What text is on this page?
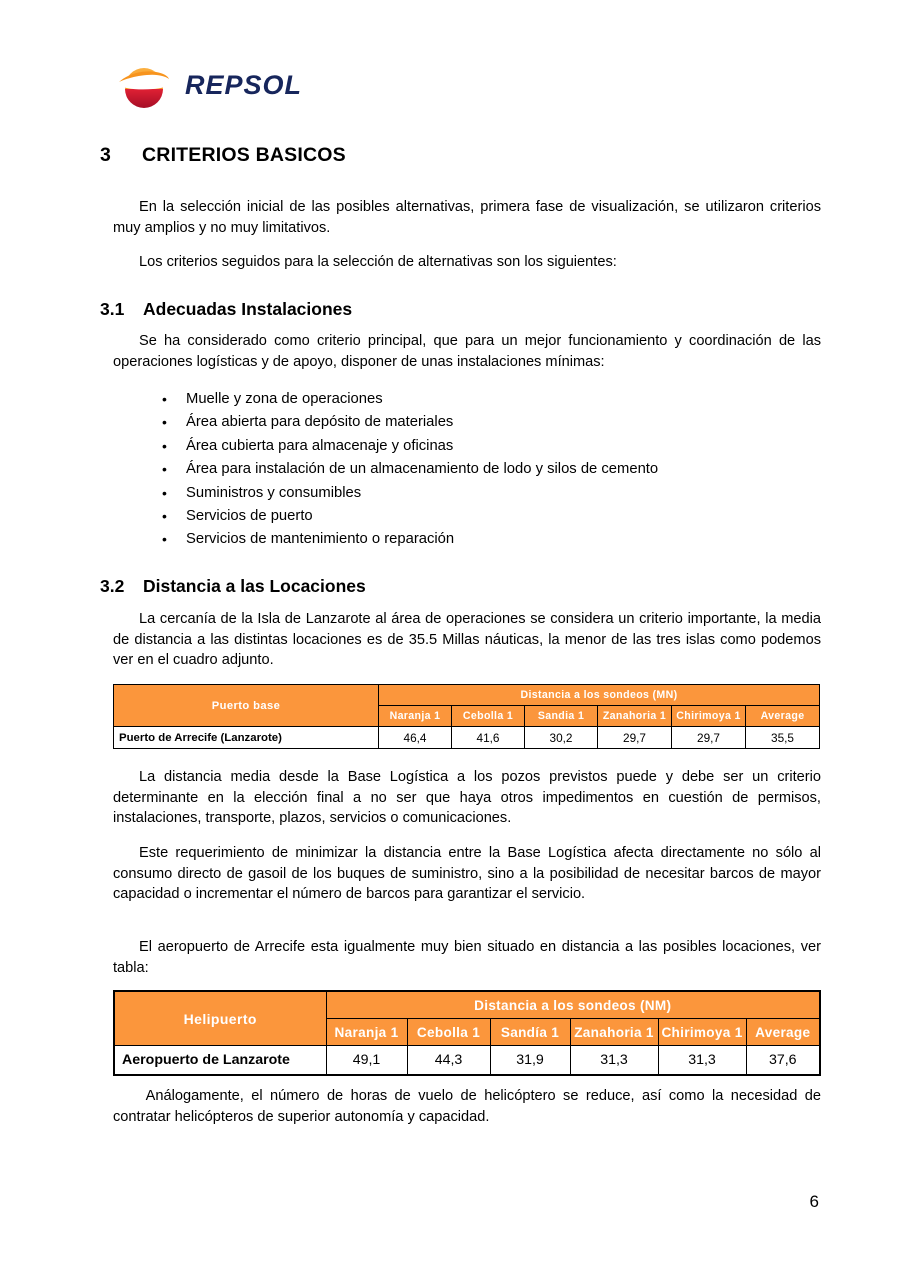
REPSOL
3 CRITERIOS BASICOS

En la selección inicial de las posibles alternativas, primera fase de visualización, se utilizaron criterios muy amplios y no muy limitativos.

Los criterios seguidos para la selección de alternativas son los siguientes:

3.1 Adecuadas Instalaciones

Se ha considerado como criterio principal, que para un mejor funcionamiento y coordinación de las operaciones logísticas y de apoyo, disponer de unas instalaciones mínimas:

• Muelle y zona de operaciones
• Área abierta para depósito de materiales
• Área cubierta para almacenaje y oficinas
• Área para instalación de un almacenamiento de lodo y silos de cemento
• Suministros y consumibles
• Servicios de puerto
• Servicios de mantenimiento o reparación
3.2 Distancia a las Locaciones

La cercanía de la Isla de Lanzarote al área de operaciones se considera un criterio importante, la media de distancia a las distintas locaciones es de 35.5 Millas náuticas, la menor de las tres islas como podemos ver en el cuadro adjunto.

Puerto base	Distancia a los sondeos (MN)					
	Naranja 1	Cebolla 1	Sandia 1	Zanahoria 1	Chirimoya 1	Average
Puerto de Arrecife (Lanzarote)	46,4	41,6	30,2	29,7	29,7	35,5

La distancia media desde la Base Logística a los pozos previstos puede y debe ser un criterio determinante en la elección final a no ser que haya otros impedimentos en cuestión de permisos, instalaciones, transporte, plazos, servicios o comunicaciones.

Este requerimiento de minimizar la distancia entre la Base Logística afecta directamente no sólo al consumo directo de gasoil de los buques de suministro, sino a la posibilidad de necesitar barcos de mayor capacidad o incrementar el número de barcos para garantizar el servicio.

El aeropuerto de Arrecife esta igualmente muy bien situado en distancia a las posibles locaciones, ver tabla:

Helipuerto	Distancia a los sondeos (NM)					
	Naranja 1	Cebolla 1	Sandía 1	Zanahoria 1	Chirimoya 1	Average
Aeropuerto de Lanzarote	49,1	44,3	31,9	31,3	31,3	37,6

Análogamente, el número de horas de vuelo de helicóptero se reduce, así como la necesidad de contratar helicópteros de superior autonomía y capacidad.

6
